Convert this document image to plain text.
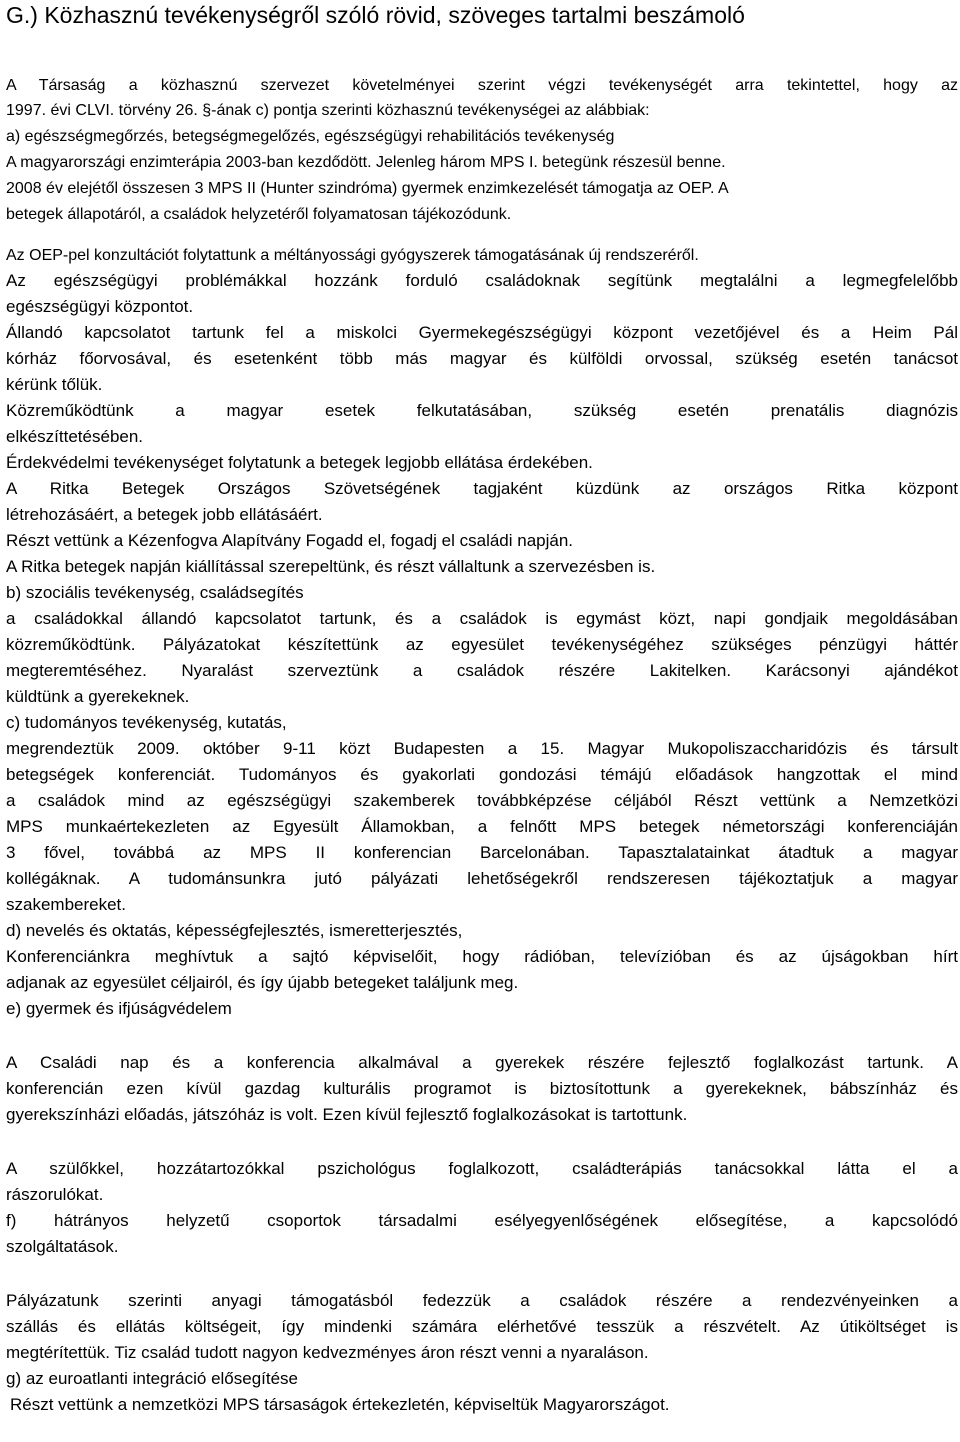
G.) Közhasznú tevékenységről szóló rövid, szöveges tartalmi beszámoló
A Társaság a közhasznú szervezet követelményei szerint végzi tevékenységét arra tekintettel, hogy az
1997. évi CLVI. törvény 26. §-ának c) pontja szerinti közhasznú tevékenységei az alábbiak:
a) egészségmegőrzés, betegségmegelőzés, egészségügyi rehabilitációs tevékenység
A magyarországi enzimterápia 2003-ban kezdődött. Jelenleg három MPS I. betegünk részesül benne.
2008 év elejétől összesen 3 MPS II (Hunter szindróma) gyermek enzimkezelését támogatja az OEP. A
betegek állapotáról, a családok helyzetéről folyamatosan tájékozódunk.
Az OEP-pel konzultációt folytattunk a méltányossági gyógyszerek támogatásának új rendszeréről.
Az egészségügyi problémákkal hozzánk forduló családoknak segítünk megtalálni a legmegfelelőbb
egészségügyi központot.
Állandó kapcsolatot tartunk fel a miskolci Gyermekegészségügyi központ vezetőjével és a Heim Pál
kórház főorvosával, és esetenként több más magyar és külföldi orvossal, szükség esetén tanácsot
kérünk tőlük.
Közreműködtünk a magyar esetek felkutatásában, szükség esetén prenatális diagnózis
elkészíttetésében.
Érdekvédelmi tevékenységet folytatunk a betegek legjobb ellátása érdekében.
A Ritka Betegek Országos Szövetségének tagjaként küzdünk az országos Ritka központ
létrehozásáért, a betegek jobb ellátásáért.
Részt vettünk a Kézenfogva Alapítvány Fogadd el, fogadj el családi napján.
A Ritka betegek napján kiállítással szerepeltünk, és részt vállaltunk a szervezésben is.
b) szociális tevékenység, családsegítés
a családokkal állandó kapcsolatot tartunk, és a családok is egymást közt, napi gondjaik megoldásában
közreműködtünk. Pályázatokat készítettünk az egyesület tevékenységéhez szükséges pénzügyi háttér
megteremtéséhez. Nyaralást szerveztünk a családok részére Lakitelken. Karácsonyi ajándékot
küldtünk a gyerekeknek.
c) tudományos tevékenység, kutatás,
megrendeztük 2009. október 9-11 közt Budapesten a 15. Magyar Mukopoliszaccharidózis és társult
betegségek konferenciát. Tudományos és gyakorlati gondozási témájú előadások hangzottak el mind
a családok mind az egészségügyi szakemberek továbbképzése céljából Részt vettünk a Nemzetközi
MPS munkaértekezleten az Egyesült Államokban, a felnőtt MPS betegek németországi konferenciáján
3 fővel, továbbá az MPS II konferencian Barcelonában. Tapasztalatainkat átadtuk a magyar
kollégáknak. A tudománsunkra jutó pályázati lehetőségekről rendszeresen tájékoztatjuk a magyar
szakembereket.
d) nevelés és oktatás, képességfejlesztés, ismeretterjesztés,
Konferenciánkra meghívtuk a sajtó képviselőit, hogy rádióban, televízióban és az újságokban hírt
adjanak az egyesület céljairól, és így újabb betegeket találjunk meg.
e) gyermek és ifjúságvédelem
A Családi nap és a konferencia alkalmával a gyerekek részére fejlesztő foglalkozást tartunk. A
konferencián ezen kívül gazdag kulturális programot is biztosítottunk a gyerekeknek, bábszínház és
gyerekszínházi előadás, játszóház is volt. Ezen kívül fejlesztő foglalkozásokat is tartottunk.
A szülőkkel, hozzátartozókkal pszichológus foglalkozott, családterápiás tanácsokkal látta el a
rászorulókat.
f) hátrányos helyzetű csoportok társadalmi esélyegyenlőségének elősegítése, a kapcsolódó
szolgáltatások.
Pályázatunk szerinti anyagi támogatásból fedezzük a családok részére a rendezvényeinken a
szállás és ellátás költségeit, így mindenki számára elérhetővé tesszük a részvételt. Az útiköltséget is
megtérítettük. Tiz család tudott nagyon kedvezményes áron részt venni a nyaraláson.
g) az euroatlanti integráció elősegítése
Részt vettünk a nemzetközi MPS társaságok értekezletén, képviseltük Magyarországot.
